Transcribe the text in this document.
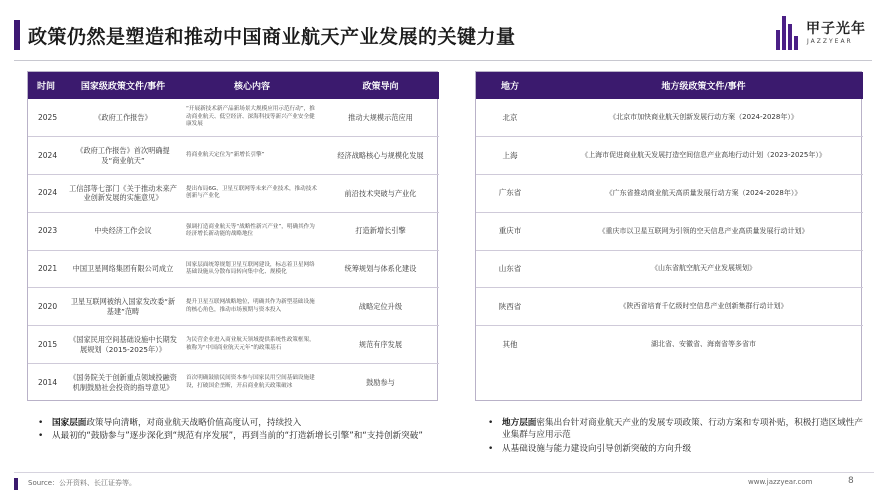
政策仍然是塑造和推动中国商业航天产业发展的关键力量	甲子光年
JAZZYEAR
时间	国家级政策文件/事件	核心内容	政策导向
2025	《政府工作报告》	“开展新技术新产品新场景大规模应用示范行动”，推动商业航天、低空经济、深海科技等新兴产业安全健康发展	推动大规模示范应用
2024	《政府工作报告》首次明确提及“商业航天”	将商业航天定位为“新增长引擎”	经济战略核心与规模化发展
2024	工信部等七部门《关于推动未来产业创新发展的实施意见》	提出布局6G、卫星互联网等未来产业技术，推动技术创新与产业化	前沿技术突破与产业化
2023	中央经济工作会议	强调打造商业航天等“战略性新兴产业”，明确其作为经济增长新动能的战略地位	打造新增长引擎
2021	中国卫星网络集团有限公司成立	国家层面统筹规划卫星互联网建设，标志着卫星网络基础设施从分散布局转向集中化、规模化	统筹规划与体系化建设
2020	卫星互联网被纳入国家发改委“新基建”范畴	提升卫星互联网战略地位，明确其作为新型基础设施的核心角色，推动市场预期与资本投入	战略定位升级
2015	《国家民用空间基础设施中长期发展规划（2015-2025年）》	为民营企业进入商业航天领域提供系统性政策框架，被称为“中国商业航天元年”的政策基石	规范有序发展
2014	《国务院关于创新重点领域投融资机制鼓励社会投资的指导意见》	首次明确鼓励民间资本参与国家民用空间基础设施建设，打破国企垄断，开启商业航天政策破冰	鼓励参与
地方	地方级政策文件/事件
北京	《北京市加快商业航天创新发展行动方案（2024-2028年）》
上海	《上海市促进商业航天发展打造空间信息产业高地行动计划（2023-2025年）》
广东省	《广东省推动商业航天高质量发展行动方案（2024-2028年）》
重庆市	《重庆市以卫星互联网为引领的空天信息产业高质量发展行动计划》
山东省	《山东省航空航天产业发展规划》
陕西省	《陕西省培育千亿级时空信息产业创新集群行动计划》
其他	湖北省、安徽省、海南省等多省市
• 国家层面政策导向清晰，对商业航天战略价值高度认可，持续投入
• 从最初的“鼓励参与”逐步深化到“规范有序发展”，再到当前的“打造新增长引擎”和“支持创新突破”
• 地方层面密集出台针对商业航天产业的发展专项政策、行动方案和专项补贴，积极打造区域性产业集群与应用示范
• 从基础设施与能力建设向引导创新突破的方向升级
Source：公开资料、长江证券等。	www.jazzyear.com	8
